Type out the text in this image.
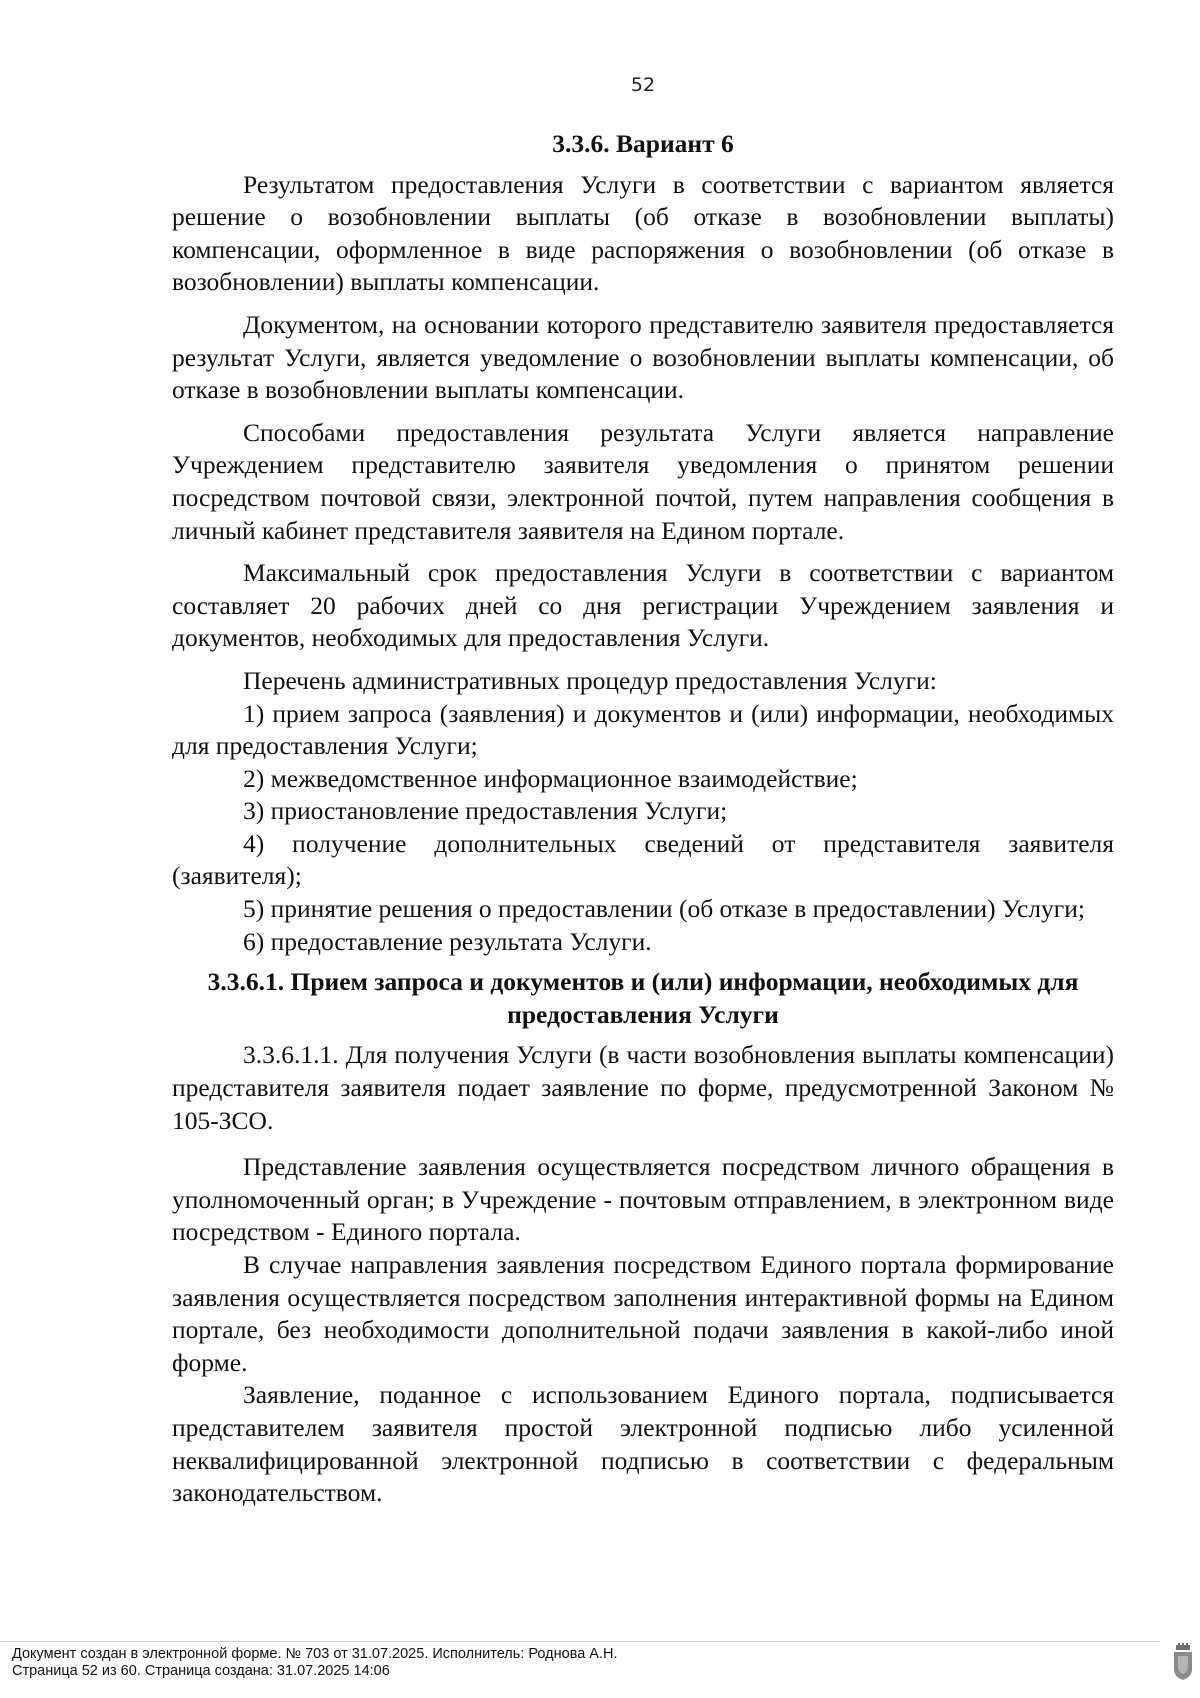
52
3.3.6. Вариант 6

Результатом предоставления Услуги в соответствии с вариантом является решение о возобновлении выплаты (об отказе в возобновлении выплаты) компенсации, оформленное в виде распоряжения о возобновлении (об отказе в возобновлении) выплаты компенсации.

Документом, на основании которого представителю заявителя предоставляется результат Услуги, является уведомление о возобновлении выплаты компенсации, об отказе в возобновлении выплаты компенсации.

Способами предоставления результата Услуги является направление Учреждением представителю заявителя уведомления о принятом решении посредством почтовой связи, электронной почтой, путем направления сообщения в личный кабинет представителя заявителя на Едином портале.

Максимальный срок предоставления Услуги в соответствии с вариантом составляет 20 рабочих дней со дня регистрации Учреждением заявления и документов, необходимых для предоставления Услуги.

Перечень административных процедур предоставления Услуги:

1) прием запроса (заявления) и документов и (или) информации, необходимых для предоставления Услуги;

2) межведомственное информационное взаимодействие;

3) приостановление предоставления Услуги;

4) получение дополнительных сведений от представителя заявителя (заявителя);

5) принятие решения о предоставлении (об отказе в предоставлении) Услуги;

6) предоставление результата Услуги.

3.3.6.1. Прием запроса и документов и (или) информации, необходимых для предоставления Услуги

3.3.6.1.1. Для получения Услуги (в части возобновления выплаты компенсации) представителя заявителя подает заявление по форме, предусмотренной Законом № 105-ЗСО.

Представление заявления осуществляется посредством личного обращения в уполномоченный орган; в Учреждение - почтовым отправлением, в электронном виде посредством - Единого портала.

В случае направления заявления посредством Единого портала формирование заявления осуществляется посредством заполнения интерактивной формы на Едином портале, без необходимости дополнительной подачи заявления в какой-либо иной форме.

Заявление, поданное с использованием Единого портала, подписывается представителем заявителя простой электронной подписью либо усиленной неквалифицированной электронной подписью в соответствии с федеральным законодательством.

Документ создан в электронной форме. № 703 от 31.07.2025. Исполнитель: Роднова А.Н.
Страница 52 из 60. Страница создана: 31.07.2025 14:06
